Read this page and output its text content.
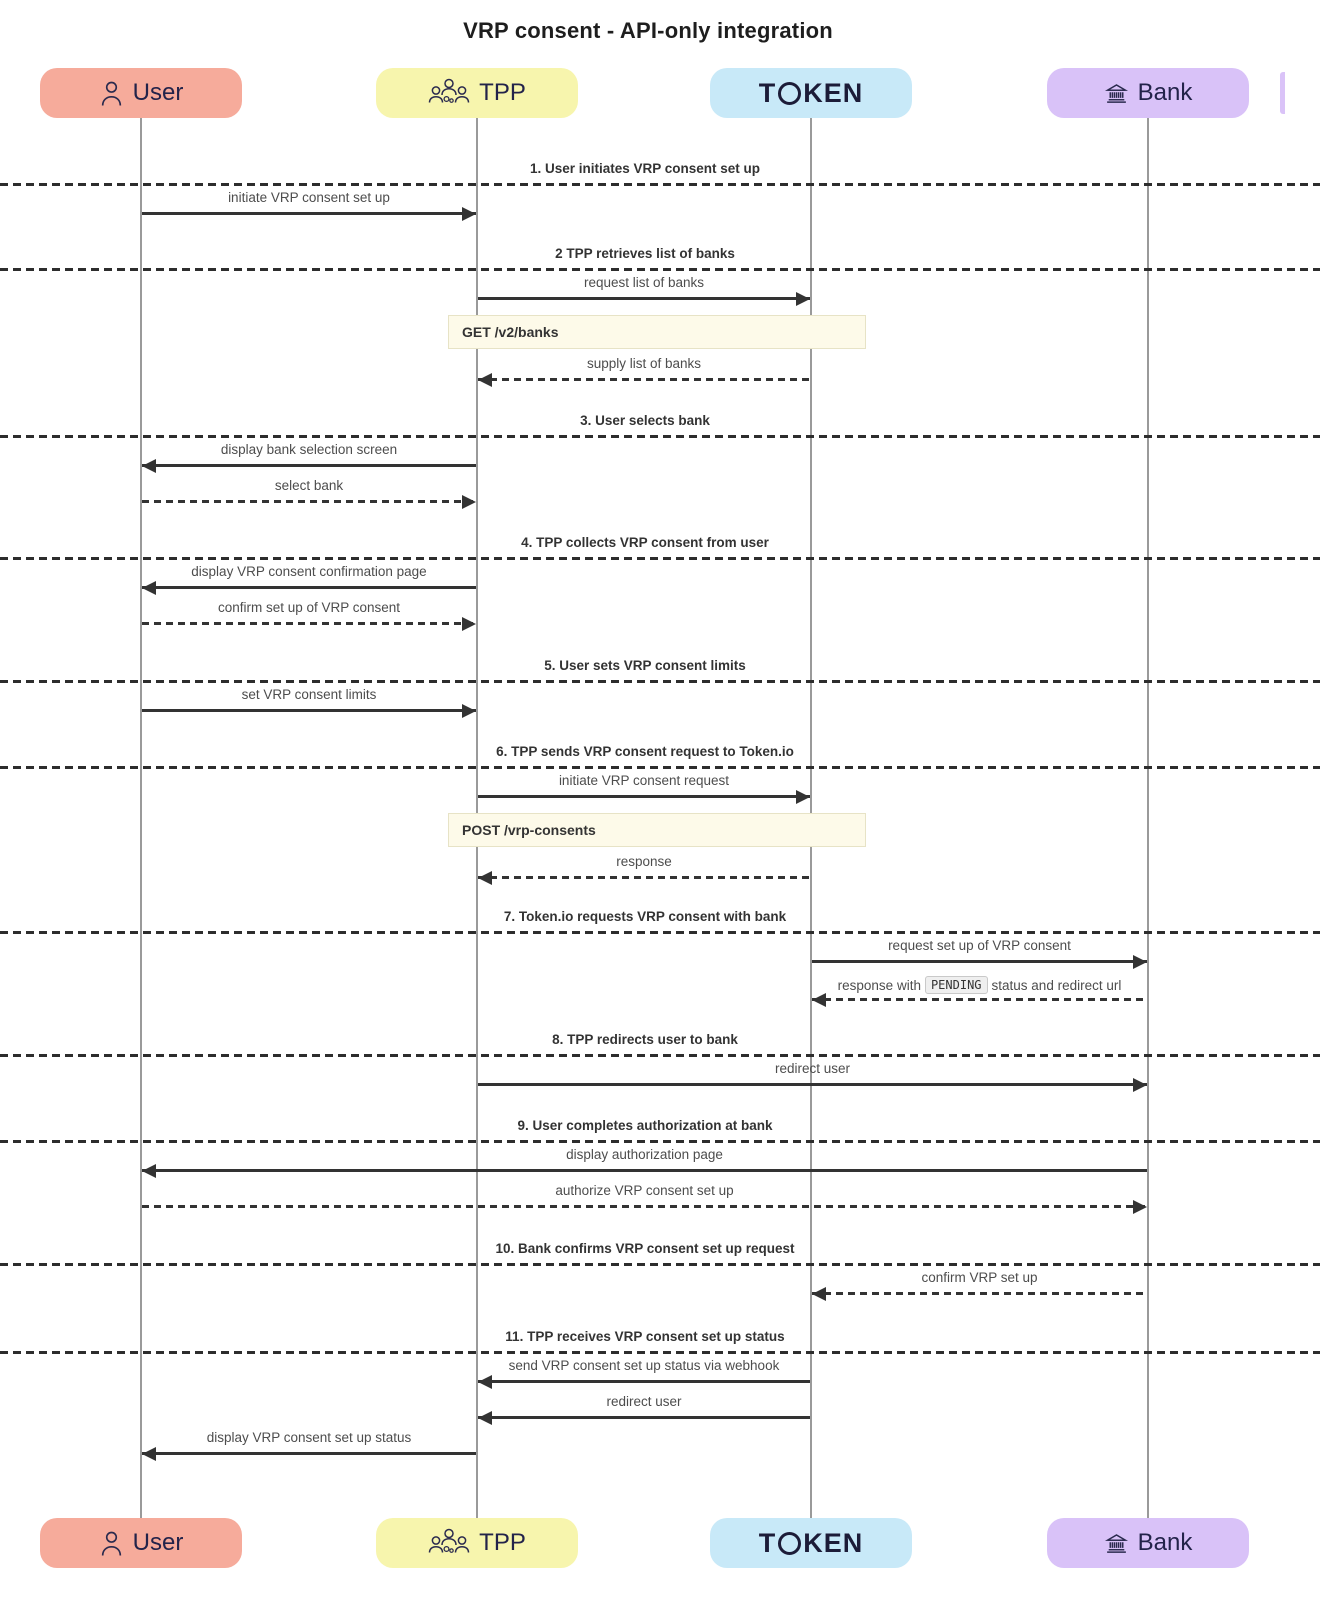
VRP consent - API-only integration
1. User initiates VRP consent set up
initiate VRP consent set up
2 TPP retrieves list of banks
request list of banks
GET /v2/banks
supply list of banks
3. User selects bank
display bank selection screen
select bank
4. TPP collects VRP consent from user
display VRP consent confirmation page
confirm set up of VRP consent
5. User sets VRP consent limits
set VRP consent limits
6. TPP sends VRP consent request to Token.io
initiate VRP consent request
POST /vrp-consents
response
7. Token.io requests VRP consent with bank
request set up of VRP consent
response with PENDING status and redirect url
8. TPP redirects user to bank
redirect user
9. User completes authorization at bank
display authorization page
authorize VRP consent set up
10. Bank confirms VRP consent set up request
confirm VRP set up
11. TPP receives VRP consent set up status
send VRP consent set up status via webhook
redirect user
display VRP consent set up status
User	TPP	T K E N	Bank
User	TPP	T K E N	Bank
